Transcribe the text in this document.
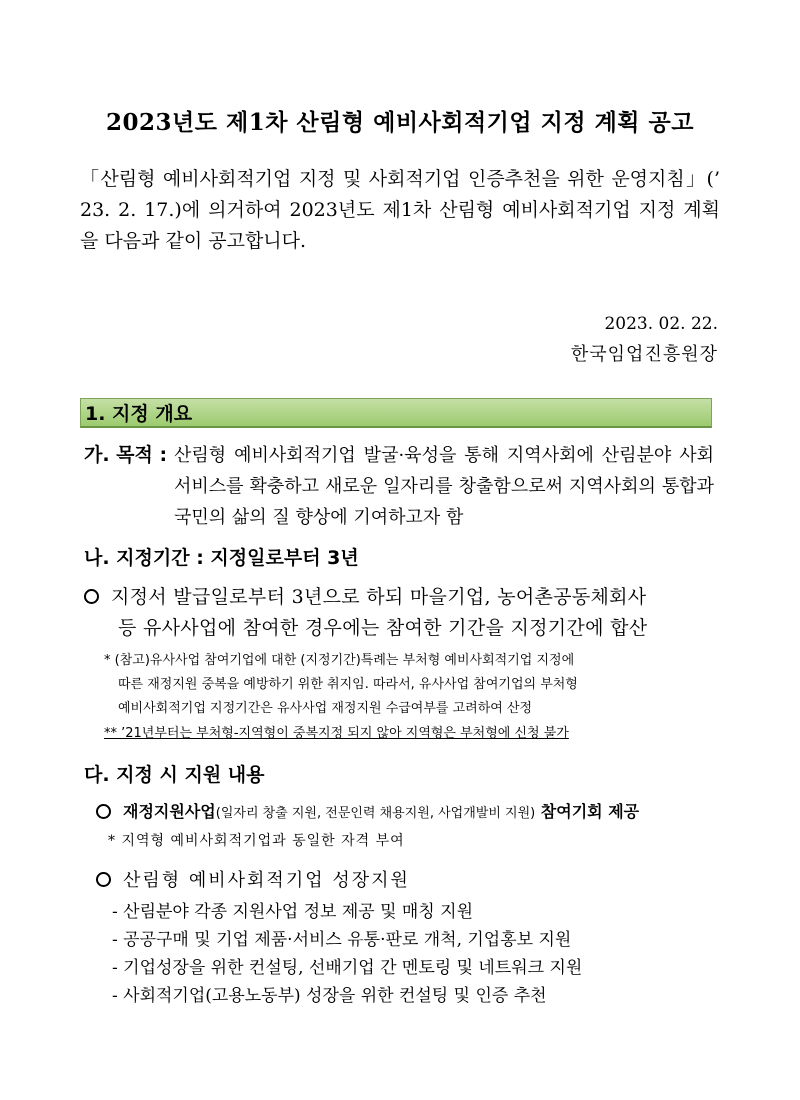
2023년도 제1차 산림형 예비사회적기업 지정 계획 공고

「산림형 예비사회적기업 지정 및 사회적기업 인증추천을 위한 운영지침」(’ 23. 2. 17.)에 의거하여 2023년도 제1차 산림형 예비사회적기업 지정 계획을 다음과 같이 공고합니다.

2023. 02. 22.
한국임업진흥원장
1. 지정 개요
가. 목적 : 산림형 예비사회적기업 발굴·육성을 통해 지역사회에 산림분야 사회서비스를 확충하고 새로운 일자리를 창출함으로써 지역사회의 통합과 국민의 삶의 질 향상에 기여하고자 함
나. 지정기간 : 지정일로부터 3년
지정서 발급일로부터 3년으로 하되 마을기업, 농어촌공동체회사
등 유사사업에 참여한 경우에는 참여한 기간을 지정기간에 합산
* (참고)유사사업 참여기업에 대한 (지정기간)특례는 부처형 예비사회적기업 지정에
따른 재정지원 중복을 예방하기 위한 취지임. 따라서, 유사사업 참여기업의 부처형
예비사회적기업 지정기간은 유사사업 재정지원 수급여부를 고려하여 산정
** ’21년부터는 부처형-지역형이 중복지정 되지 않아 지역형은 부처형에 신청 불가
다. 지정 시 지원 내용
재정지원사업(일자리 창출 지원, 전문인력 채용지원, 사업개발비 지원) 참여기회 제공
* 지역형 예비사회적기업과 동일한 자격 부여
산림형 예비사회적기업 성장지원
- 산림분야 각종 지원사업 정보 제공 및 매칭 지원
- 공공구매 및 기업 제품·서비스 유통·판로 개척, 기업홍보 지원
- 기업성장을 위한 컨설팅, 선배기업 간 멘토링 및 네트워크 지원
- 사회적기업(고용노동부) 성장을 위한 컨설팅 및 인증 추천
